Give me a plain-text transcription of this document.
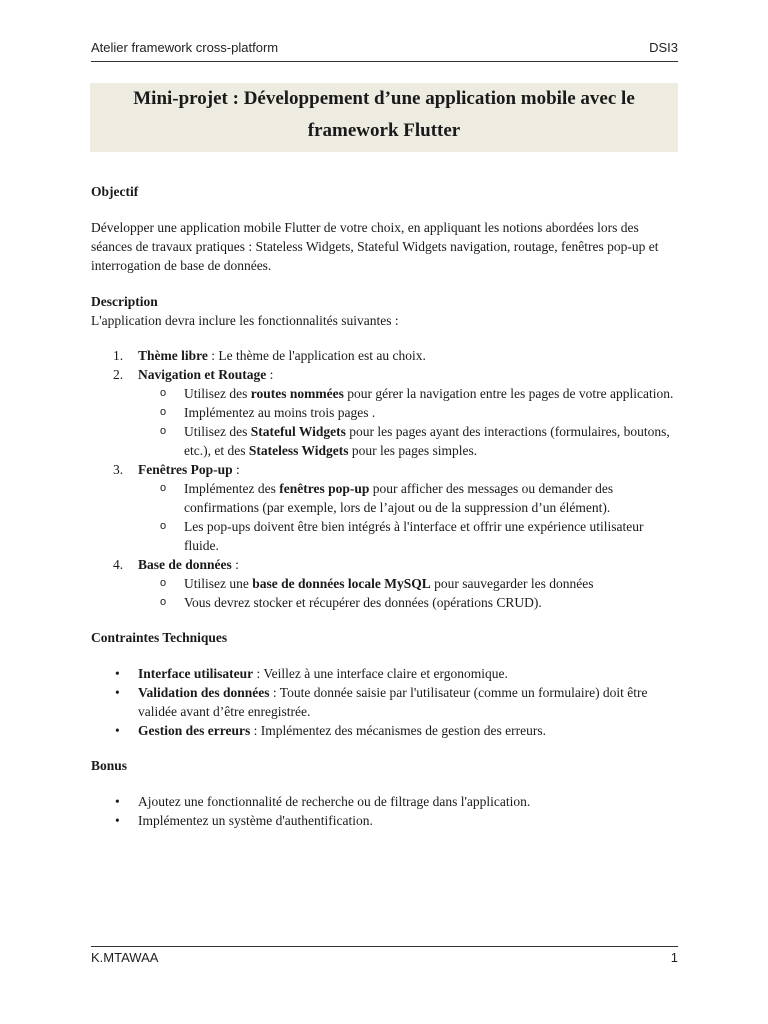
Atelier framework cross-platform	DSI3
Mini-projet : Développement d’une application mobile avec le
framework Flutter

Objectif

Développer une application mobile Flutter de votre choix, en appliquant les notions abordées lors des séances de travaux pratiques : Stateless Widgets, Stateful Widgets navigation, routage, fenêtres pop-up et interrogation de base de données.

Description

L'application devra inclure les fonctionnalités suivantes :

1. Thème libre : Le thème de l'application est au choix.
2. Navigation et Routage :
o Utilisez des routes nommées pour gérer la navigation entre les pages de votre application.
o Implémentez au moins trois pages .
o Utilisez des Stateful Widgets pour les pages ayant des interactions (formulaires, boutons, etc.), et des Stateless Widgets pour les pages simples.
3. Fenêtres Pop-up :
o Implémentez des fenêtres pop-up pour afficher des messages ou demander des confirmations (par exemple, lors de l’ajout ou de la suppression d’un élément).
o Les pop-ups doivent être bien intégrés à l'interface et offrir une expérience utilisateur fluide.
4. Base de données :
o Utilisez une base de données locale MySQL pour sauvegarder les données
o Vous devrez stocker et récupérer des données (opérations CRUD).

Contraintes Techniques

• Interface utilisateur : Veillez à une interface claire et ergonomique.
• Validation des données : Toute donnée saisie par l'utilisateur (comme un formulaire) doit être validée avant d’être enregistrée.
• Gestion des erreurs : Implémentez des mécanismes de gestion des erreurs.

Bonus

• Ajoutez une fonctionnalité de recherche ou de filtrage dans l'application.
• Implémentez un système d'authentification.
K.MTAWAA	1
